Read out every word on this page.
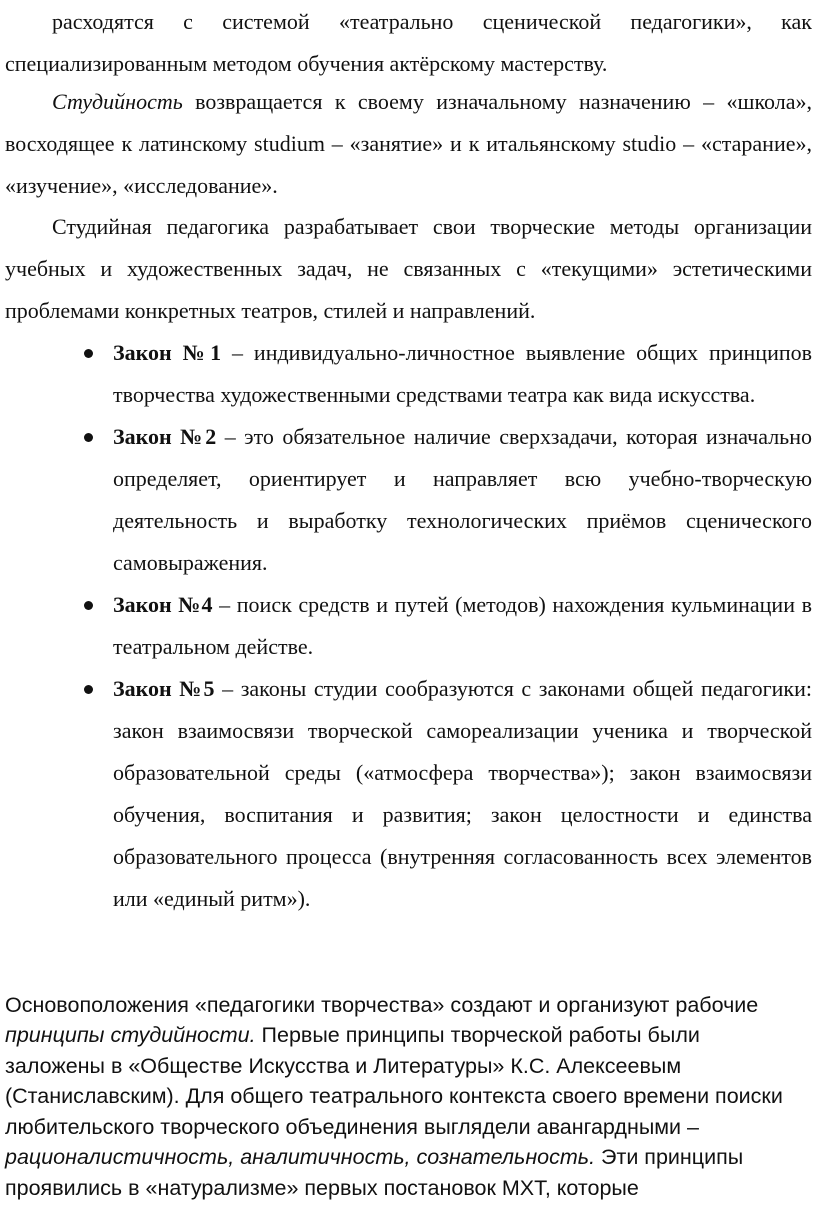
расходятся с системой «театрально сценической педагогики», как специализированным методом обучения актёрскому мастерству.

Студийность возвращается к своему изначальному назначению – «школа», восходящее к латинскому studium – «занятие» и к итальянскому studio – «старание», «изучение», «исследование».

Студийная педагогика разрабатывает свои творческие методы организации учебных и художественных задач, не связанных с «текущими» эстетическими проблемами конкретных театров, стилей и направлений.

Закон №1 – индивидуально-личностное выявление общих принципов творчества художественными средствами театра как вида искусства.
Закон №2 – это обязательное наличие сверхзадачи, которая изначально определяет, ориентирует и направляет всю учебно-творческую деятельность и выработку технологических приёмов сценического самовыражения.
Закон №4 – поиск средств и путей (методов) нахождения кульминации в театральном действе.
Закон №5 – законы студии сообразуются с законами общей педагогики: закон взаимосвязи творческой самореализации ученика и творческой образовательной среды («атмосфера творчества»); закон взаимосвязи обучения, воспитания и развития; закон целостности и единства образовательного процесса (внутренняя согласованность всех элементов или «единый ритм»).

Основоположения «педагогики творчества» создают и организуют рабочие принципы студийности. Первые принципы творческой работы были заложены в «Обществе Искусства и Литературы» К.С. Алексеевым (Станиславским). Для общего театрального контекста своего времени поиски любительского творческого объединения выглядели авангардными – рационалистичность, аналитичность, сознательность. Эти принципы проявились в «натурализме» первых постановок МХТ, которые
